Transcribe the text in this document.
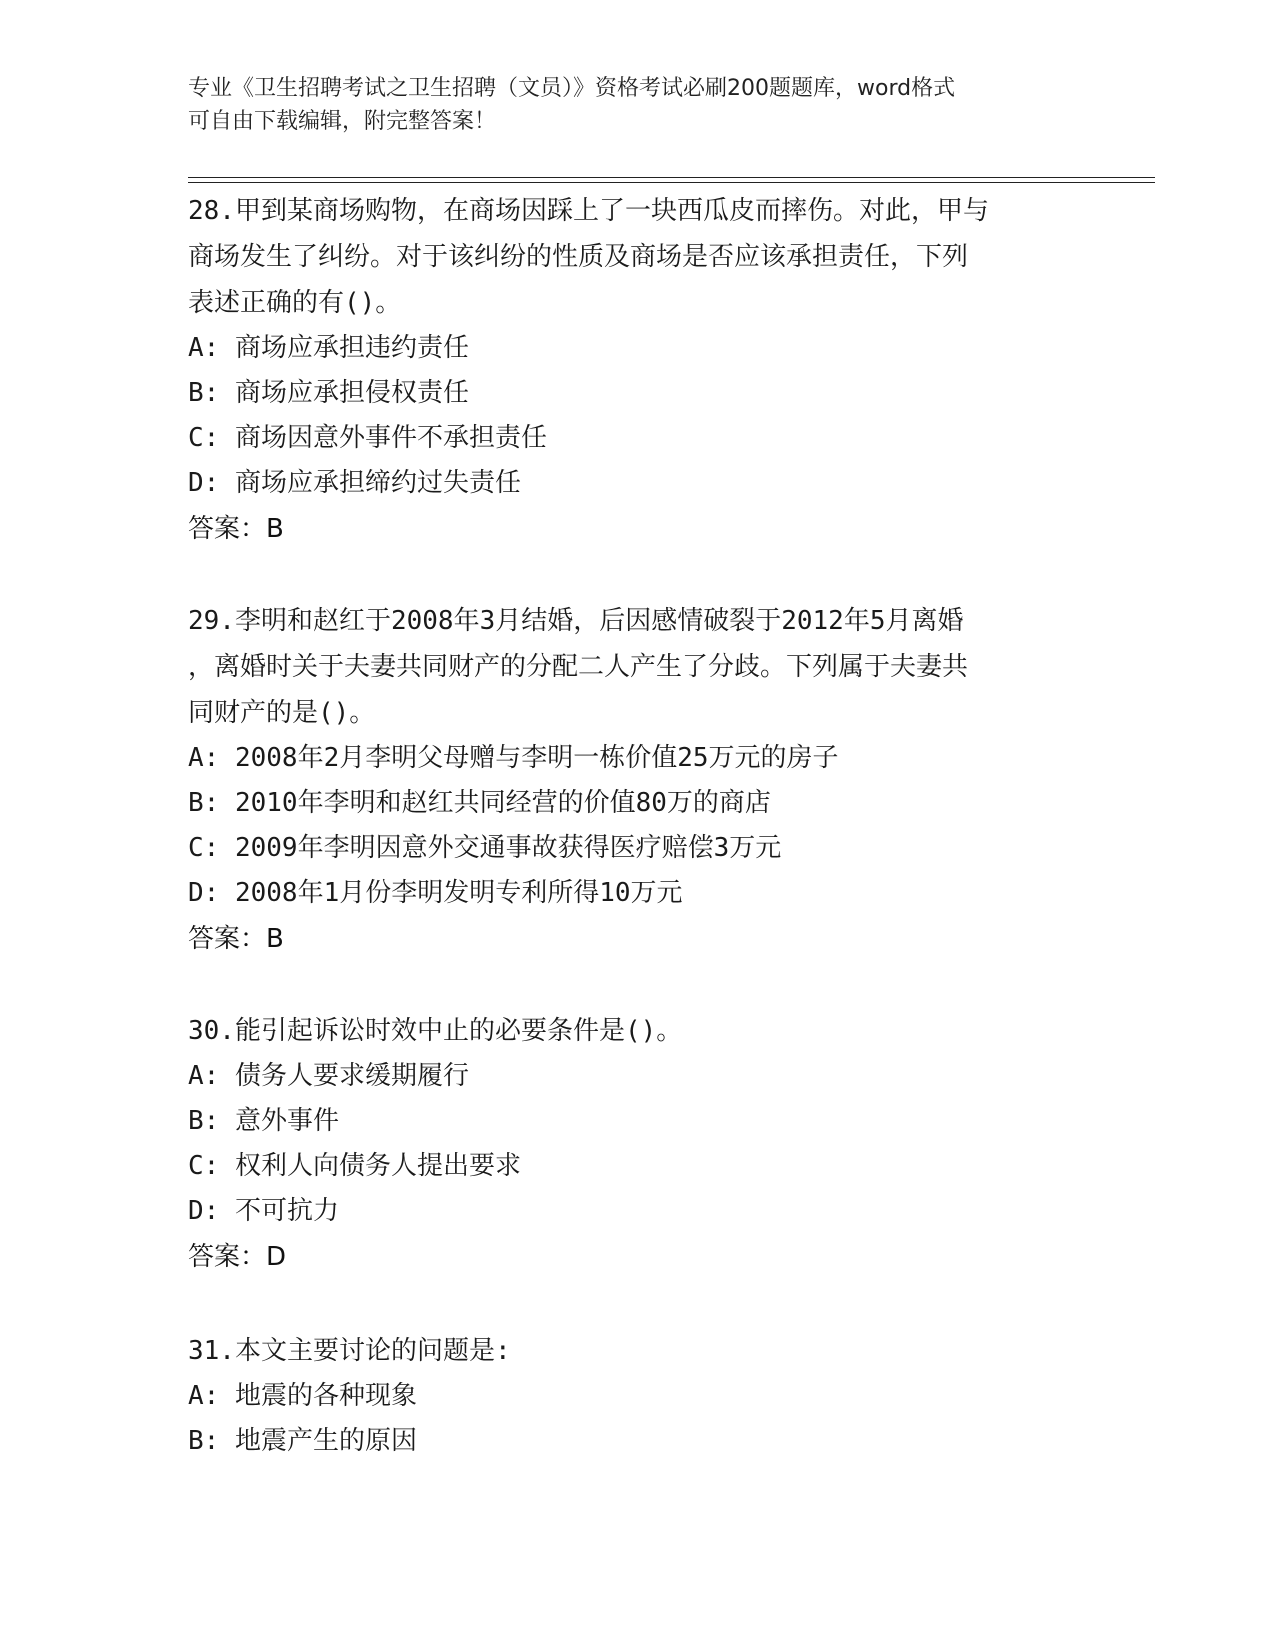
专业《卫生招聘考试之卫生招聘（文员）》资格考试必刷200题题库，word格式
可自由下载编辑，附完整答案！
28.甲到某商场购物，在商场因踩上了一块西瓜皮而摔伤。对此，甲与
商场发生了纠纷。对于该纠纷的性质及商场是否应该承担责任，下列
表述正确的有()。
A: 商场应承担违约责任
B: 商场应承担侵权责任
C: 商场因意外事件不承担责任
D: 商场应承担缔约过失责任
答案：B
29.李明和赵红于2008年3月结婚，后因感情破裂于2012年5月离婚
，离婚时关于夫妻共同财产的分配二人产生了分歧。下列属于夫妻共
同财产的是()。
A: 2008年2月李明父母赠与李明一栋价值25万元的房子
B: 2010年李明和赵红共同经营的价值80万的商店
C: 2009年李明因意外交通事故获得医疗赔偿3万元
D: 2008年1月份李明发明专利所得10万元
答案：B
30.能引起诉讼时效中止的必要条件是()。
A: 债务人要求缓期履行
B: 意外事件
C: 权利人向债务人提出要求
D: 不可抗力
答案：D
31.本文主要讨论的问题是:
A: 地震的各种现象
B: 地震产生的原因
